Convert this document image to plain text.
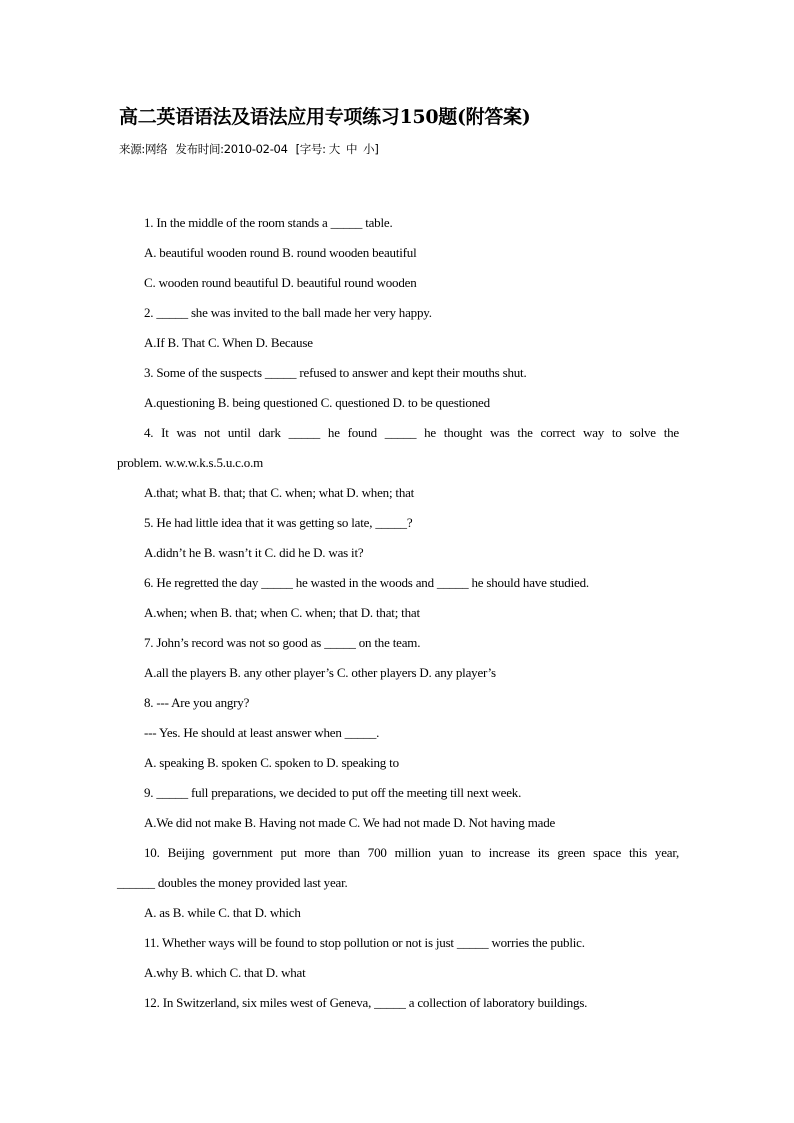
高二英语语法及语法应用专项练习150题(附答案)
来源:网络 发布时间:2010-02-04 [字号: 大 中 小]
1. In the middle of the room stands a _____ table.
A. beautiful wooden round B. round wooden beautiful
C. wooden round beautiful D. beautiful round wooden
2. _____ she was invited to the ball made her very happy.
A.If B. That C. When D. Because
3. Some of the suspects _____ refused to answer and kept their mouths shut.
A.questioning B. being questioned C. questioned D. to be questioned
4. It was not until dark _____ he found _____ he thought was the correct way to solve the
problem. w.w.w.k.s.5.u.c.o.m
A.that; what B. that; that C. when; what D. when; that
5. He had little idea that it was getting so late, _____?
A.didn’t he B. wasn’t it C. did he D. was it?
6. He regretted the day _____ he wasted in the woods and _____ he should have studied.
A.when; when B. that; when C. when; that D. that; that
7. John’s record was not so good as _____ on the team.
A.all the players B. any other player’s C. other players D. any player’s
8. --- Are you angry?
--- Yes. He should at least answer when _____.
A. speaking B. spoken C. spoken to D. speaking to
9. _____ full preparations, we decided to put off the meeting till next week.
A.We did not make B. Having not made C. We had not made D. Not having made
10. Beijing government put more than 700 million yuan to increase its green space this year,
______ doubles the money provided last year.
A. as B. while C. that D. which
11. Whether ways will be found to stop pollution or not is just _____ worries the public.
A.why B. which C. that D. what
12. In Switzerland, six miles west of Geneva, _____ a collection of laboratory buildings.
